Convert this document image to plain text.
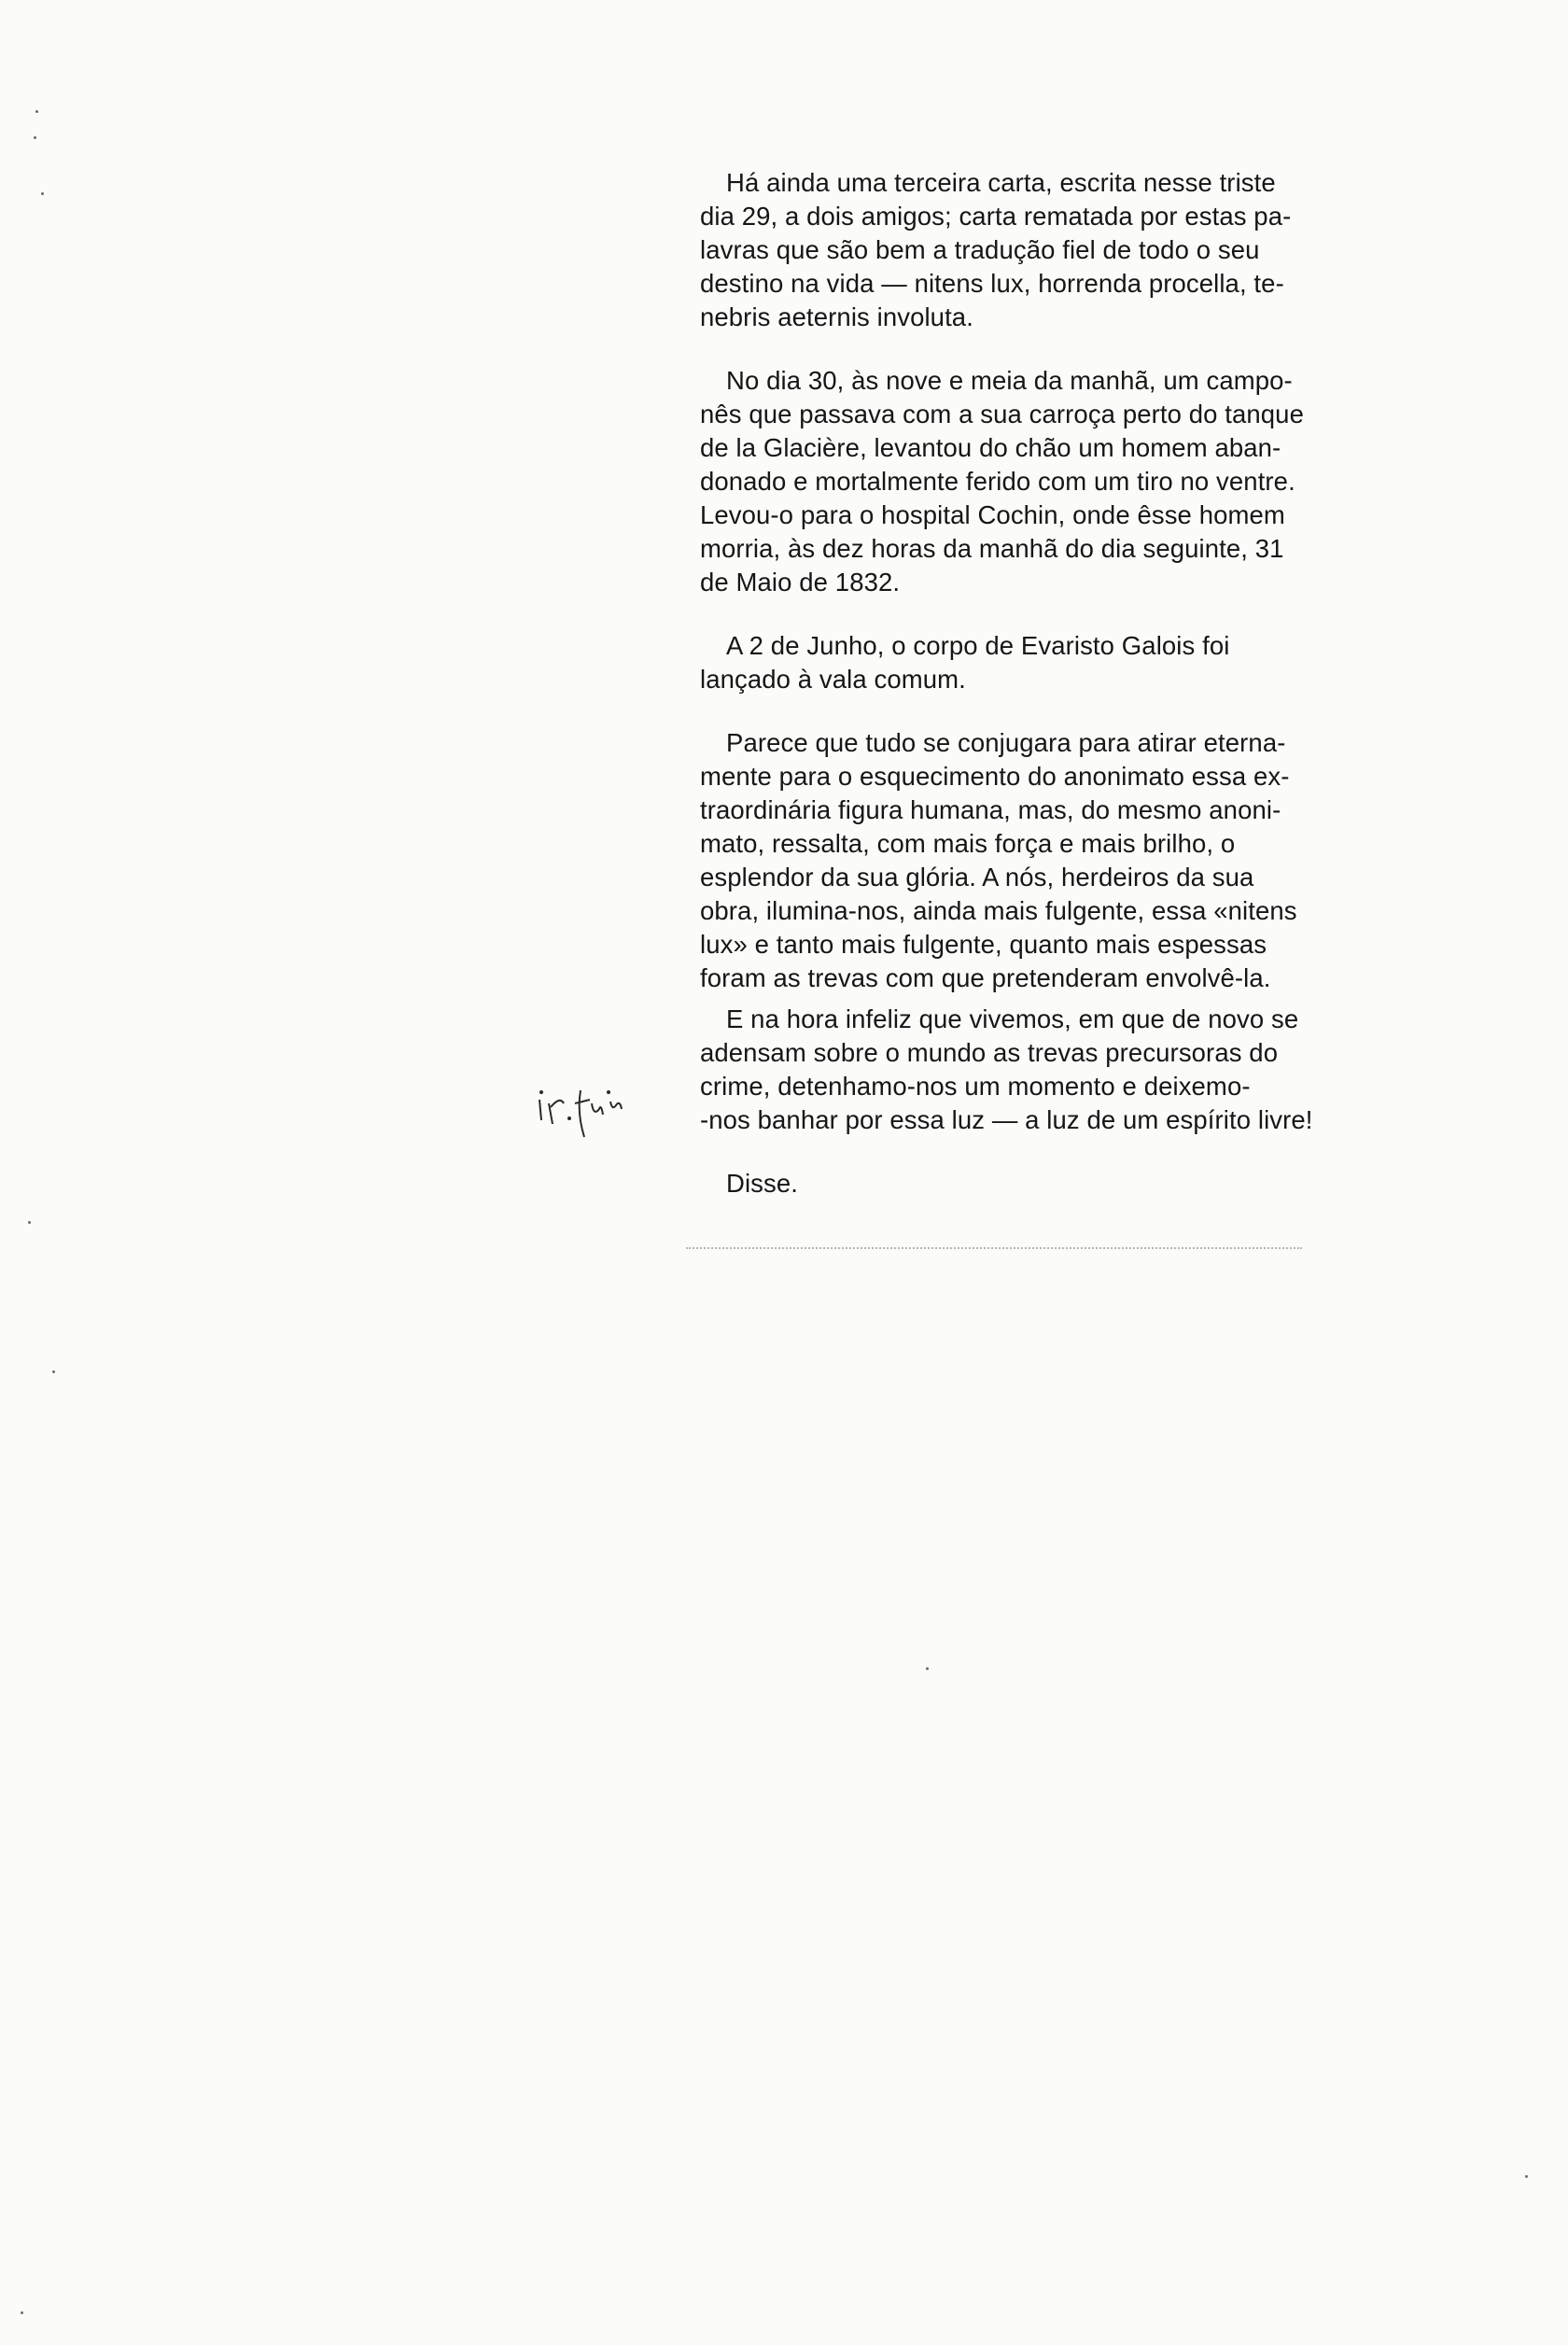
Há ainda uma terceira carta, escrita nesse triste
dia 29, a dois amigos; carta rematada por estas pa-
lavras que são bem a tradução fiel de todo o seu
destino na vida — nitens lux, horrenda procella, te-
nebris aeternis involuta.

No dia 30, às nove e meia da manhã, um campo-
nês que passava com a sua carroça perto do tanque
de la Glacière, levantou do chão um homem aban-
donado e mortalmente ferido com um tiro no ventre.
Levou-o para o hospital Cochin, onde êsse homem
morria, às dez horas da manhã do dia seguinte, 31
de Maio de 1832.

A 2 de Junho, o corpo de Evaristo Galois foi
lançado à vala comum.

Parece que tudo se conjugara para atirar eterna-
mente para o esquecimento do anonimato essa ex-
traordinária figura humana, mas, do mesmo anoni-
mato, ressalta, com mais força e mais brilho, o
esplendor da sua glória. A nós, herdeiros da sua
obra, ilumina-nos, ainda mais fulgente, essa «nitens
lux» e tanto mais fulgente, quanto mais espessas
foram as trevas com que pretenderam envolvê-la.

E na hora infeliz que vivemos, em que de novo se
adensam sobre o mundo as trevas precursoras do
crime, detenhamo-nos um momento e deixemo-
-nos banhar por essa luz — a luz de um espírito livre!

Disse.
